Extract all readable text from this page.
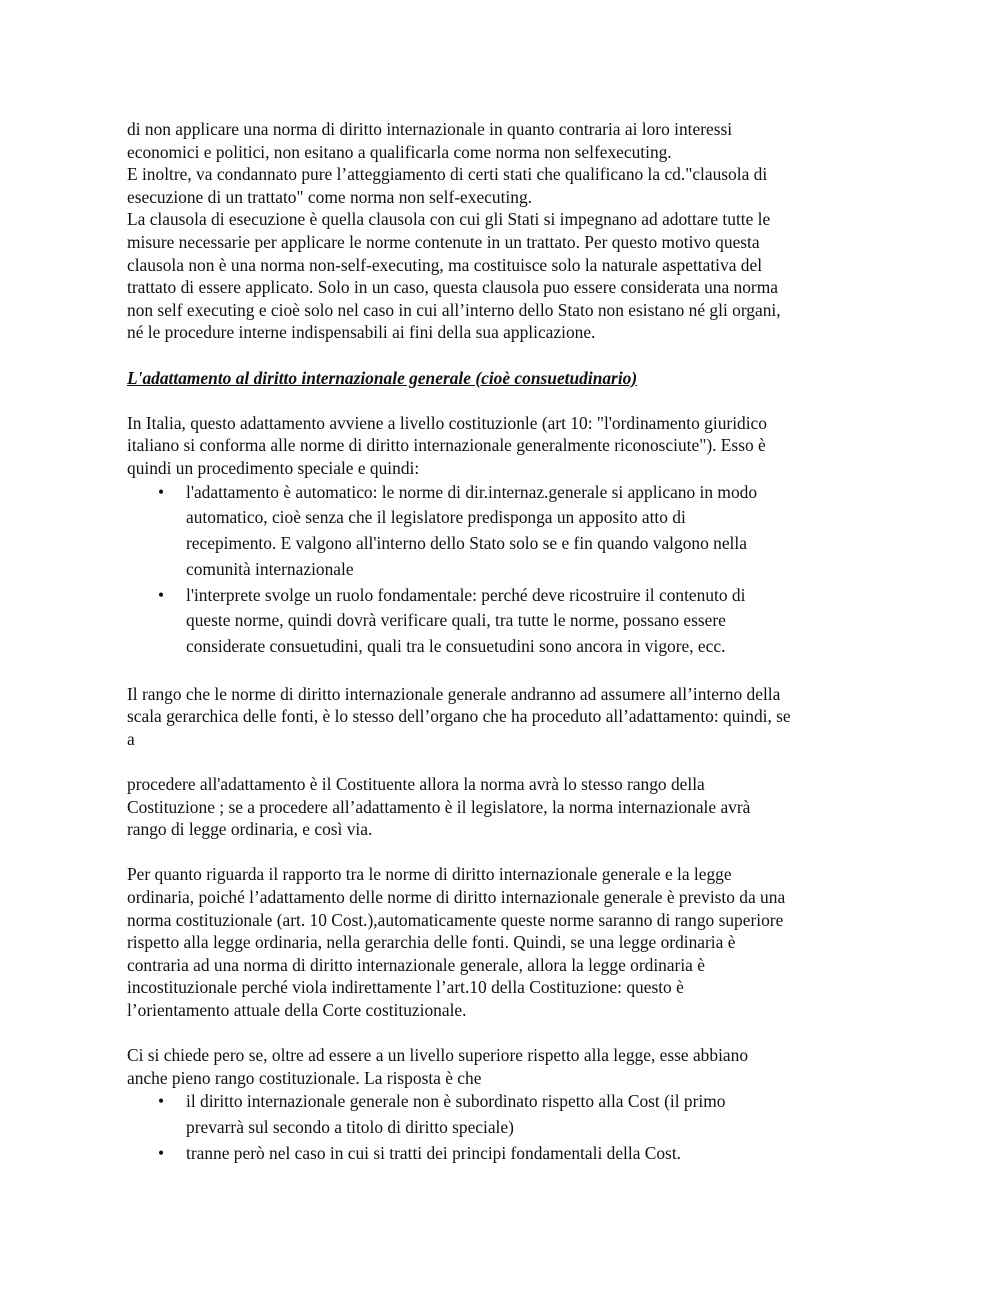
di non applicare una norma di diritto internazionale in quanto contraria ai loro interessi
economici e politici, non esitano a qualificarla come norma non selfexecuting.
E inoltre, va condannato pure l’atteggiamento di certi stati che qualificano la cd."clausola di
esecuzione di un trattato" come norma non self-executing.
La clausola di esecuzione è quella clausola con cui gli Stati si impegnano ad adottare tutte le
misure necessarie per applicare le norme contenute in un trattato. Per questo motivo questa
clausola non è una norma non-self-executing, ma costituisce solo la naturale aspettativa del
trattato di essere applicato. Solo in un caso, questa clausola puo essere considerata una norma
non self executing e cioè solo nel caso in cui all’interno dello Stato non esistano né gli organi,
né le procedure interne indispensabili ai fini della sua applicazione.
L'adattamento al diritto internazionale generale (cioè consuetudinario)
In Italia, questo adattamento avviene a livello costituzionle (art 10: "l'ordinamento giuridico
italiano si conforma alle norme di diritto internazionale generalmente riconosciute"). Esso è
quindi un procedimento speciale e quindi:
• l'adattamento è automatico: le norme di dir.internaz.generale si applicano in modo
automatico, cioè senza che il legislatore predisponga un apposito atto di
recepimento. E valgono all'interno dello Stato solo se e fin quando valgono nella
comunità internazionale
• l'interprete svolge un ruolo fondamentale: perché deve ricostruire il contenuto di
queste norme, quindi dovrà verificare quali, tra tutte le norme, possano essere
considerate consuetudini, quali tra le consuetudini sono ancora in vigore, ecc.
Il rango che le norme di diritto internazionale generale andranno ad assumere all’interno della
scala gerarchica delle fonti, è lo stesso dell’organo che ha proceduto all’adattamento: quindi, se
a
procedere all'adattamento è il Costituente allora la norma avrà lo stesso rango della
Costituzione ; se a procedere all’adattamento è il legislatore, la norma internazionale avrà
rango di legge ordinaria, e così via.
Per quanto riguarda il rapporto tra le norme di diritto internazionale generale e la legge
ordinaria, poiché l’adattamento delle norme di diritto internazionale generale è previsto da una
norma costituzionale (art. 10 Cost.),automaticamente queste norme saranno di rango superiore
rispetto alla legge ordinaria, nella gerarchia delle fonti. Quindi, se una legge ordinaria è
contraria ad una norma di diritto internazionale generale, allora la legge ordinaria è
incostituzionale perché viola indirettamente l’art.10 della Costituzione: questo è
l’orientamento attuale della Corte costituzionale.
Ci si chiede pero se, oltre ad essere a un livello superiore rispetto alla legge, esse abbiano
anche pieno rango costituzionale. La risposta è che
• il diritto internazionale generale non è subordinato rispetto alla Cost (il primo
prevarrà sul secondo a titolo di diritto speciale)
• tranne però nel caso in cui si tratti dei principi fondamentali della Cost.
